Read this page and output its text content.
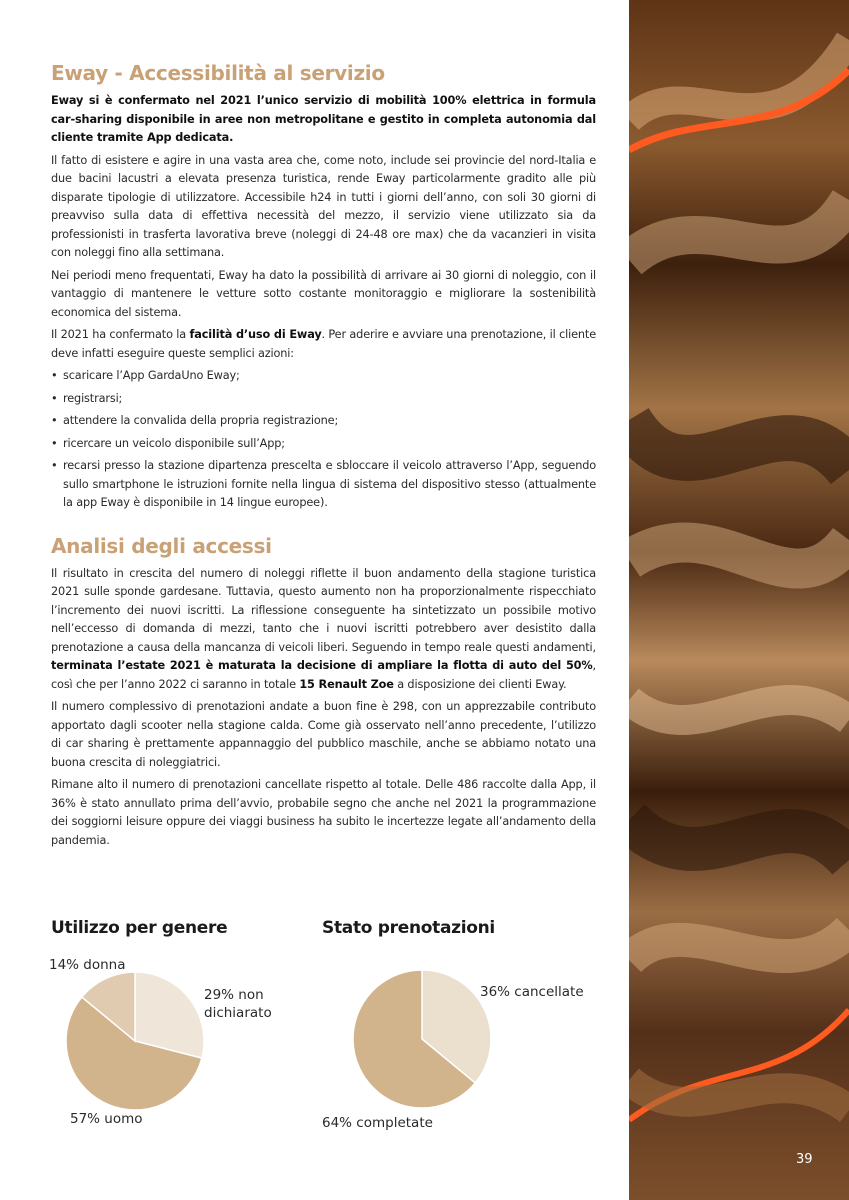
Eway - Accessibilità al servizio

Eway si è confermato nel 2021 l’unico servizio di mobilità 100% elettrica in formula car-sharing disponibile in aree non metropolitane e gestito in completa autonomia dal cliente tramite App dedicata.

Il fatto di esistere e agire in una vasta area che, come noto, include sei provincie del nord-Italia e due bacini lacustri a elevata presenza turistica, rende Eway particolarmente gradito alle più disparate tipologie di utilizzatore. Accessibile h24 in tutti i giorni dell’anno, con soli 30 giorni di preavviso sulla data di effettiva necessità del mezzo, il servizio viene utilizzato sia da professionisti in trasferta lavorativa breve (noleggi di 24-48 ore max) che da vacanzieri in visita con noleggi fino alla settimana.

Nei periodi meno frequentati, Eway ha dato la possibilità di arrivare ai 30 giorni di noleggio, con il vantaggio di mantenere le vetture sotto costante monitoraggio e migliorare la sostenibilità economica del sistema.

Il 2021 ha confermato la facilità d’uso di Eway. Per aderire e avviare una prenotazione, il cliente deve infatti eseguire queste semplici azioni:

• scaricare l’App GardaUno Eway;
• registrarsi;
• attendere la convalida della propria registrazione;
• ricercare un veicolo disponibile sull’App;
• recarsi presso la stazione dipartenza prescelta e sbloccare il veicolo attraverso l’App, seguendo sullo smartphone le istruzioni fornite nella lingua di sistema del dispositivo stesso (attualmente la app Eway è disponibile in 14 lingue europee).
Analisi degli accessi

Il risultato in crescita del numero di noleggi riflette il buon andamento della stagione turistica 2021 sulle sponde gardesane. Tuttavia, questo aumento non ha proporzionalmente rispecchiato l’incremento dei nuovi iscritti. La riflessione conseguente ha sintetizzato un possibile motivo nell’eccesso di domanda di mezzi, tanto che i nuovi iscritti potrebbero aver desistito dalla prenotazione a causa della mancanza di veicoli liberi. Seguendo in tempo reale questi andamenti, terminata l’estate 2021 è maturata la decisione di ampliare la flotta di auto del 50%, così che per l’anno 2022 ci saranno in totale 15 Renault Zoe a disposizione dei clienti Eway.

Il numero complessivo di prenotazioni andate a buon fine è 298, con un apprezzabile contributo apportato dagli scooter nella stagione calda. Come già osservato nell’anno precedente, l’utilizzo di car sharing è prettamente appannaggio del pubblico maschile, anche se abbiamo notato una buona crescita di noleggiatrici.

Rimane alto il numero di prenotazioni cancellate rispetto al totale. Delle 486 raccolte dalla App, il 36% è stato annullato prima dell’avvio, probabile segno che anche nel 2021 la programmazione dei soggiorni leisure oppure dei viaggi business ha subito le incertezze legate all’andamento della pandemia.

Utilizzo per genere
14% donna
29% non dichiarato
57% uomo
Stato prenotazioni
36% cancellate
64% completate
39
